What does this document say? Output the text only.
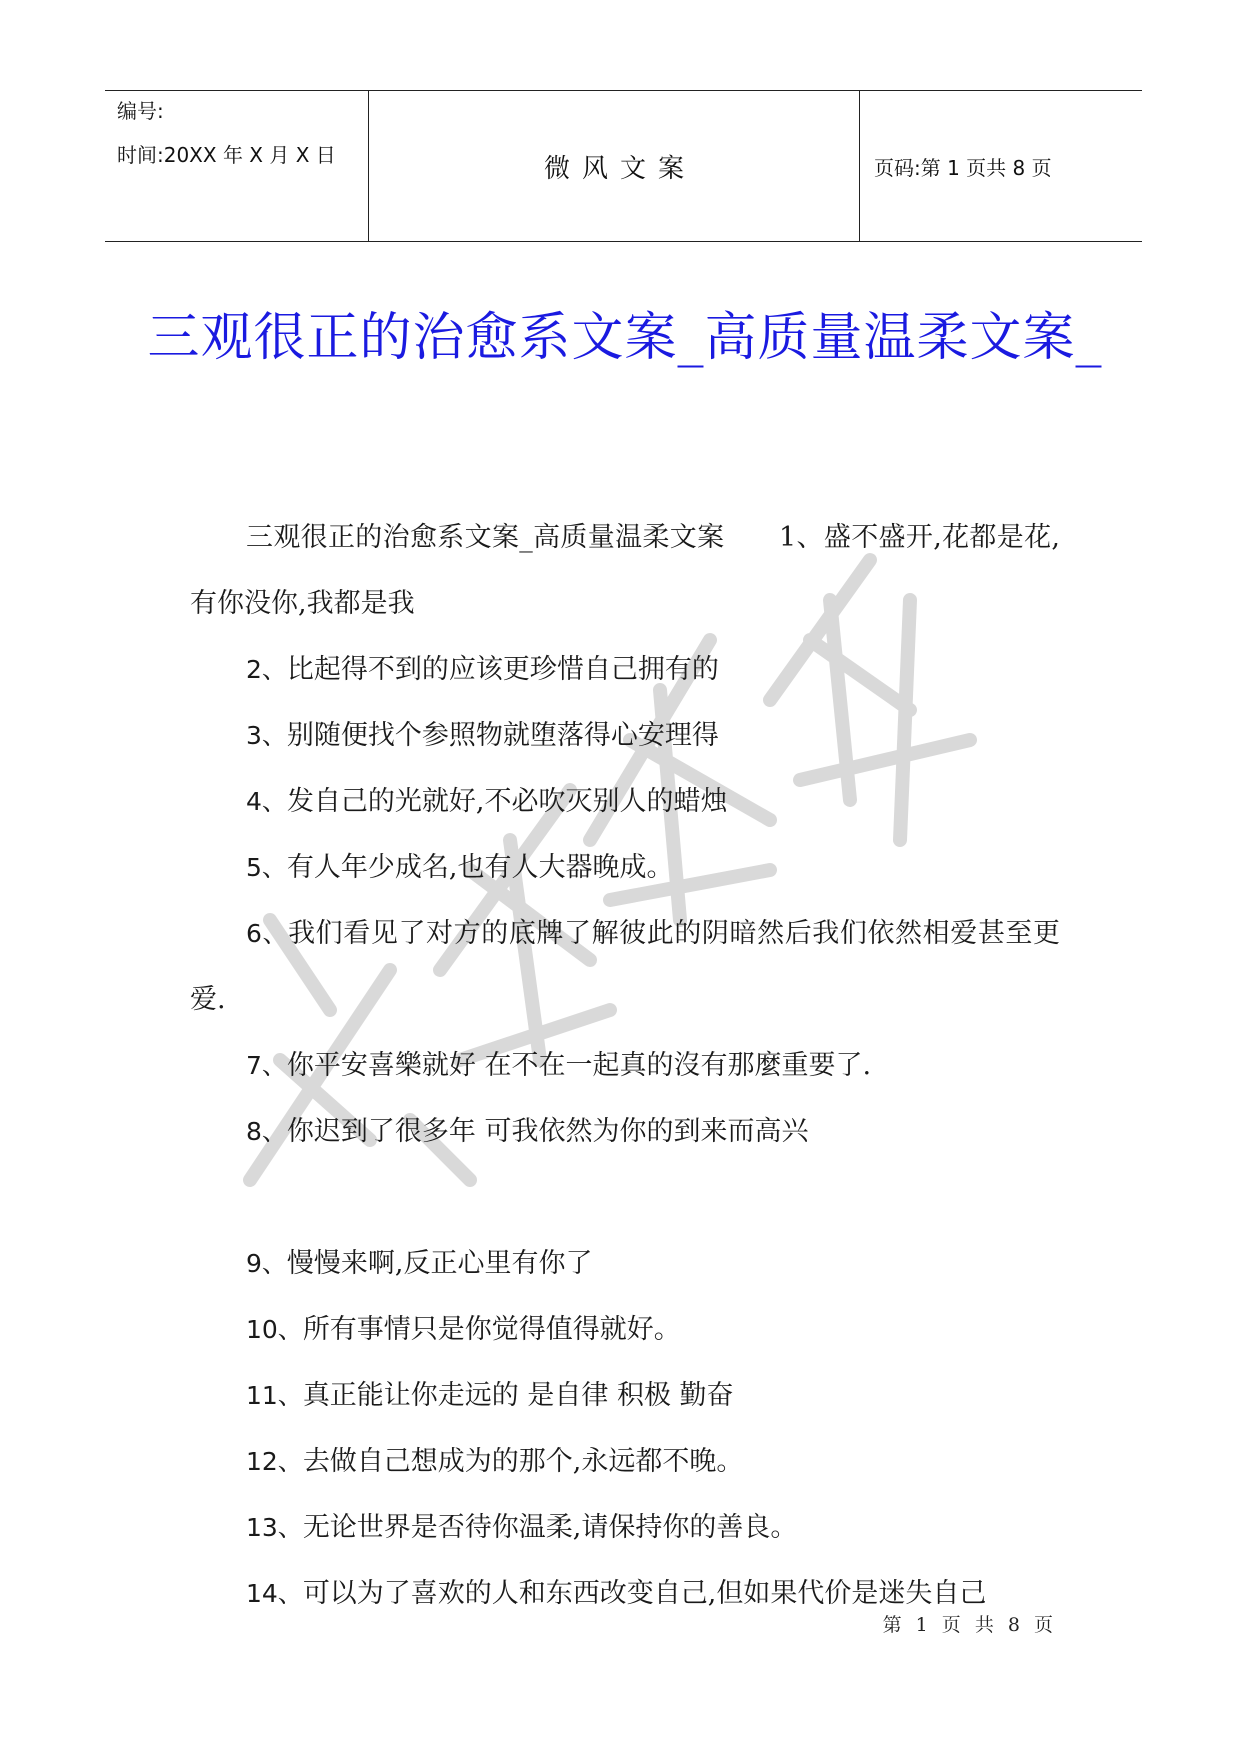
编号:
时间:20XX 年 X 月 X 日	微风文案	页码:第 1 页共 8 页
三观很正的治愈系文案_高质量温柔文案_

三观很正的治愈系文案_高质量温柔文案　　1、盛不盛开,花都是花,有你没你,我都是我

2、比起得不到的应该更珍惜自己拥有的

3、别随便找个参照物就堕落得心安理得

4、发自己的光就好,不必吹灭别人的蜡烛

5、有人年少成名,也有人大器晚成。

6、我们看见了对方的底牌了解彼此的阴暗然后我们依然相爱甚至更爱.

7、你平安喜樂就好 在不在一起真的沒有那麼重要了.

8、你迟到了很多年 可我依然为你的到来而高兴

9、慢慢来啊,反正心里有你了

10、所有事情只是你觉得值得就好。

11、真正能让你走远的 是自律 积极 勤奋

12、去做自己想成为的那个,永远都不晚。

13、无论世界是否待你温柔,请保持你的善良。

14、可以为了喜欢的人和东西改变自己,但如果代价是迷失自己

第 1 页 共 8 页
